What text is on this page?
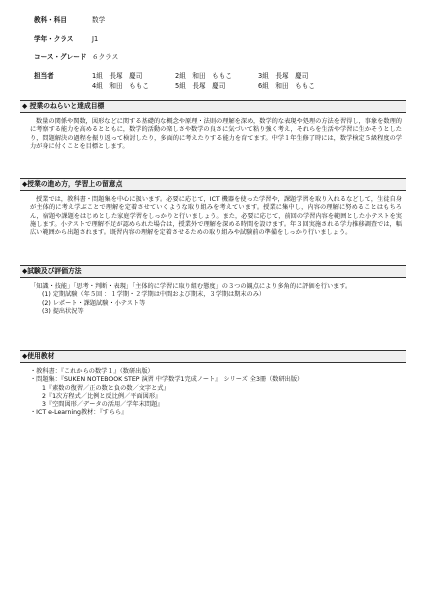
教科・科目	数学
学年・クラス	J1
コース・グレード ６クラス
担当者	1組　長塚　慶司	2組　和田　ももこ	3組　長塚　慶司
4組　和田　ももこ	5組　長塚　慶司	6組　和田　ももこ
◆ 授業のねらいと達成目標

数量の関係や関数，図形などに関する基礎的な概念や原理・法則の理解を深め，数学的な表現や処理の方法を習得し，事象を数理的に考察する能力を高めるとともに，数学的活動の楽しさや数学の良さに気づいて粘り強く考え，それらを生活や学習に生かそうとしたり，問題解決の過程を振り返って検討したり，多面的に考えたりする能力を育てます。中学１年生修了時には，数学検定５級程度の学力が身に付くことを目標とします。

◆授業の進め方，学習上の留意点

授業では，教科書・問題集を中心に扱います。必要に応じて，ICT 機器を使った学習や，課題学習を取り入れるなどして，生徒自身が主体的に考え学ぶことで理解を定着させていくような取り組みを考えています。授業に集中し，内容の理解に努めることはもちろん，宿題や課題をはじめとした家庭学習をしっかりと行いましょう。また，必要に応じて，前回の学習内容を範囲とした小テストを実施します。小テストで理解不足が認められた場合は，授業外で理解を深める時間を設けます。年３回実施される学力推移調査では，幅広い範囲から出題されます。既習内容の理解を定着させるための取り組みや試験前の準備をしっかり行いましょう。

◆試験及び評価方法

「知識・技能」「思考・判断・表現」「主体的に学習に取り組む態度」の３つの観点により多角的に評価を行います。

(1) 定期試験（年５回 ：１学期・２学期は中間および期末，３学期は期末のみ）

(2) レポート・課題試験・小テスト等

(3) 提出状況等

◆使用教材

・教科書：『これからの数学１』（数研出版）

・問題集：『SUKEN NOTEBOOK STEP 演習 中学数学1完成ノート』 シリーズ 全3冊（数研出版）

1『素数の復習／正の数と負の数／文字と式』

2『1次方程式／比例と反比例／平面図形』

3『空間図形／データの活用／学年末問題』

・ICT e-Learning教材：『すらら』
